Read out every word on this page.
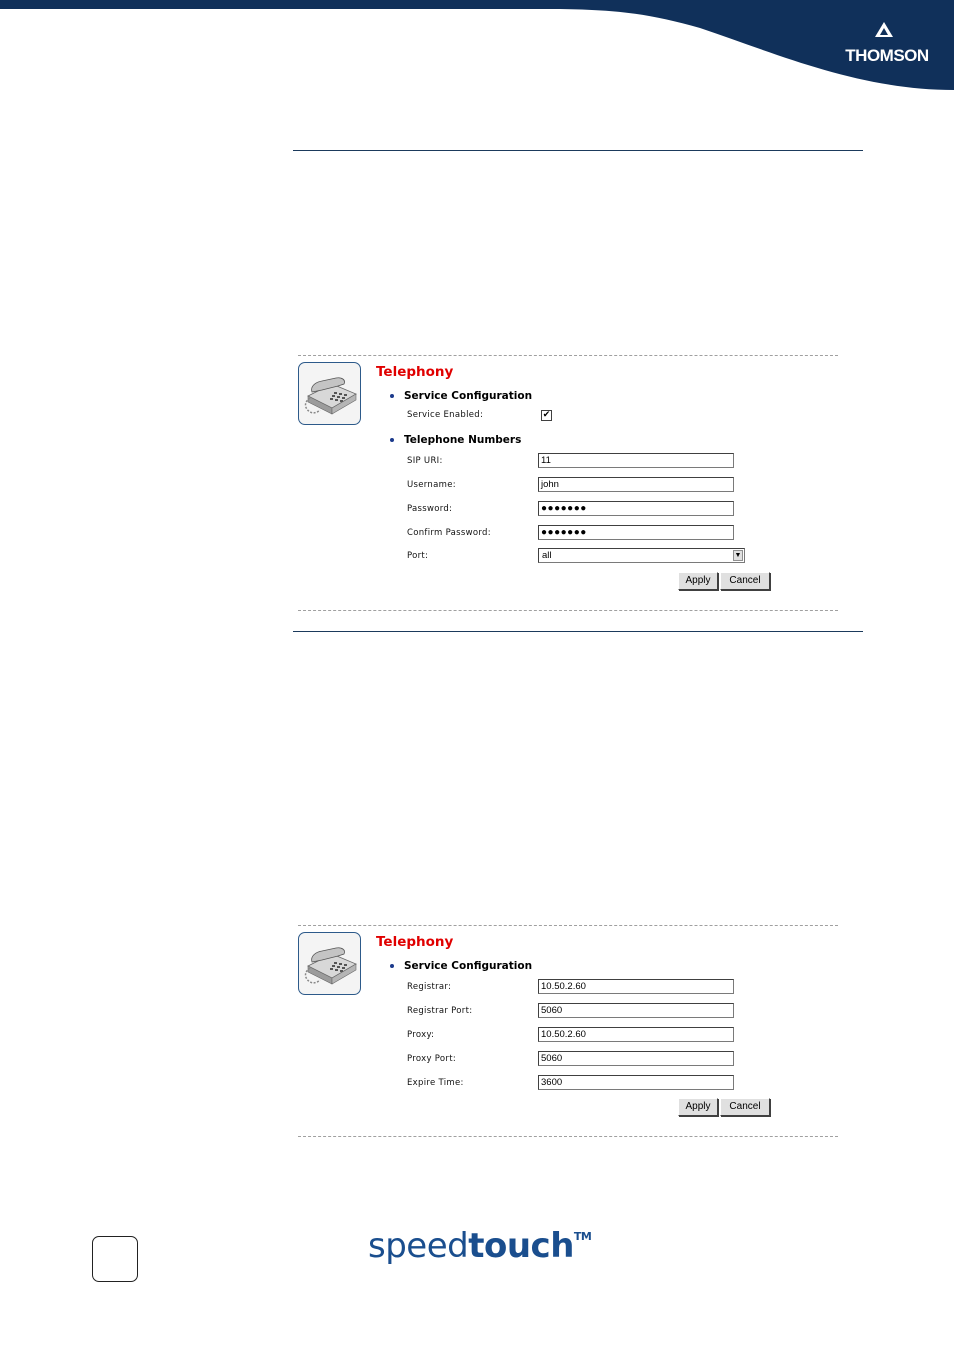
THOMSON
Telephony
Service Configuration
Service Enabled:	✔
Telephone Numbers
SIP URI:	11
Username:	john
Password:	●●●●●●●
Confirm Password:	●●●●●●●
Port:	all	▼
Apply	Cancel
Telephony
Service Configuration
Registrar:	10.50.2.60
Registrar Port:	5060
Proxy:	10.50.2.60
Proxy Port:	5060
Expire Time:	3600
Apply	Cancel
speedtouch™
